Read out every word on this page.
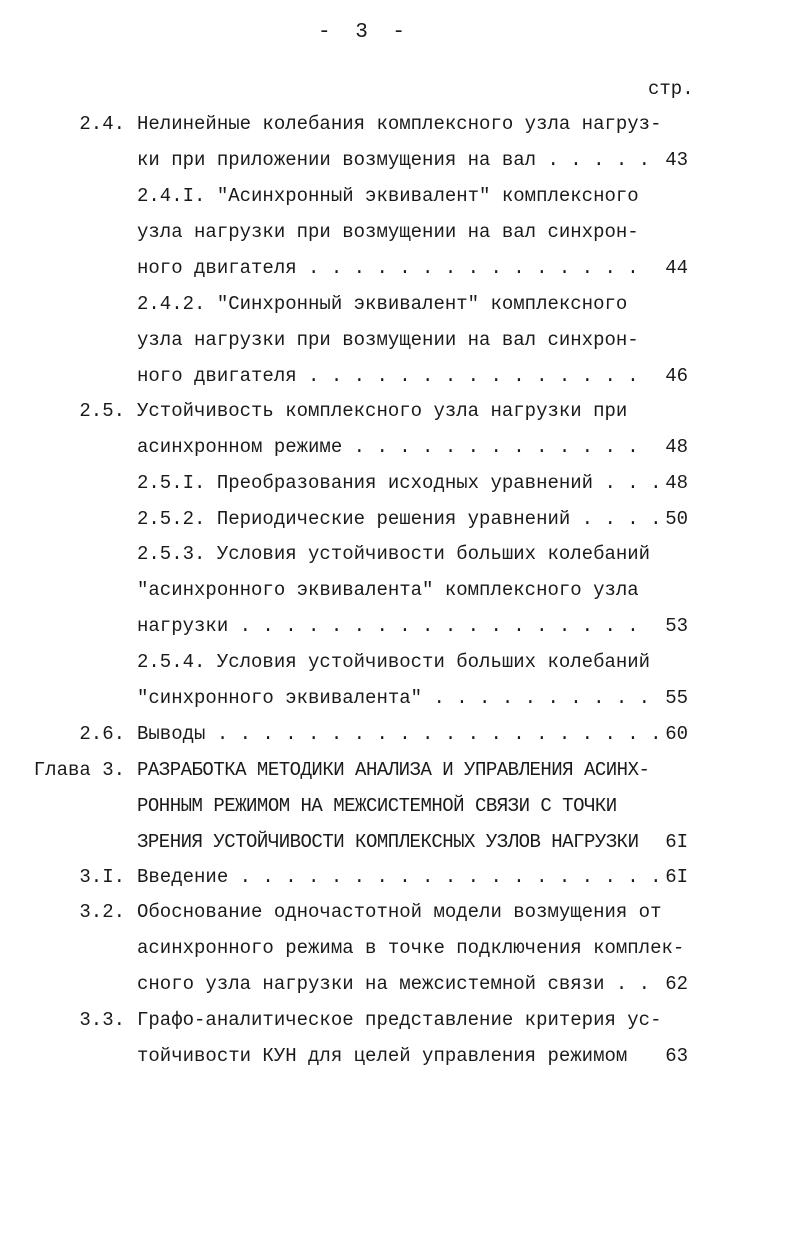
- 3 -
стр.
2.4. Нелинейные колебания комплексного узла нагруз-
ки при приложении возмущения на вал . . . . . 43
2.4.I. "Асинхронный эквивалент" комплексного
узла нагрузки при возмущении на вал синхрон-
ного двигателя . . . . . . . . . . . . . . .	44
2.4.2. "Синхронный эквивалент" комплексного
узла нагрузки при возмущении на вал синхрон-
ного двигателя . . . . . . . . . . . . . . .	46
2.5. Устойчивость комплексного узла нагрузки при
асинхронном режиме . . . . . . . . . . . . .	48
2.5.I. Преобразования исходных уравнений . . . 48
2.5.2. Периодические решения уравнений . . . . 50
2.5.3. Условия устойчивости больших колебаний
"асинхронного эквивалента" комплексного узла
нагрузки . . . . . . . . . . . . . . . . . .	53
2.5.4. Условия устойчивости больших колебаний
"синхронного эквивалента" . . . . . . . . . . 55
2.6. Выводы . . . . . . . . . . . . . . . . . . . . 60
Глава 3. РАЗРАБОТКА МЕТОДИКИ АНАЛИЗА И УПРАВЛЕНИЯ АСИНХ-
РОННЫМ РЕЖИМОМ НА МЕЖСИСТЕМНОЙ СВЯЗИ С ТОЧКИ
ЗРЕНИЯ УСТОЙЧИВОСТИ КОМПЛЕКСНЫХ УЗЛОВ НАГРУЗКИ	6I
3.I. Введение . . . . . . . . . . . . . . . . . . . 6I
3.2. Обоснование одночастотной модели возмущения от
асинхронного режима в точке подключения комплек-
сного узла нагрузки на межсистемной связи . . 62
3.3. Графо-аналитическое представление критерия ус-
тойчивости КУН для целей управления режимом	63
